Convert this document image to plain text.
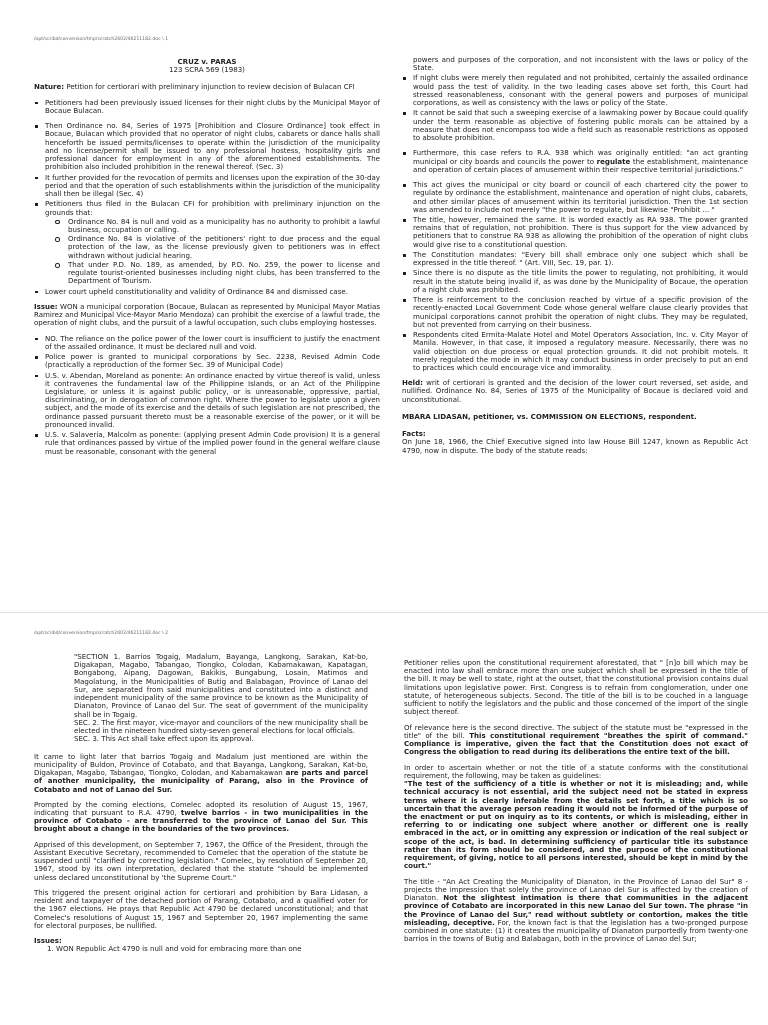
/opt/scribd/conversion/tmp/scratch2602/46211182.doc \ 1
CRUZ v. PARAS
123 SCRA 569 (1983)

Nature: Petition for certiorari with preliminary injunction to review decision of Bulacan CFI

Petitioners had been previously issued licenses for their night clubs by the Municipal Mayor of Bocaue Bulacan.
Then Ordinance no. 84, Series of 1975 [Prohibition and Closure Ordinance] took effect in Bocaue, Bulacan which provided that no operator of night clubs, cabarets or dance halls shall henceforth be issued permits/licenses to operate within the jurisdiction of the municipality and no license/permit shall be issued to any professional hostess, hospitality girls and professional dancer for employment in any of the aforementioned establishments. The prohibition also included prohibition in the renewal thereof. (Sec. 3)
It further provided for the revocation of permits and licenses upon the expiration of the 30-day period and that the operation of such establishments within the jurisdiction of the municipality shall then be illegal (Sec. 4)
Petitioners thus filed in the Bulacan CFI for prohibition with preliminary injunction on the grounds that:
Ordinance No. 84 is null and void as a municipality has no authority to prohibit a lawful business, occupation or calling.
Ordinance No. 84 is violative of the petitioners' right to due process and the equal protection of the law, as the license previously given to petitioners was in effect withdrawn without judicial hearing.
That under P.D. No. 189, as amended, by P.D. No. 259, the power to license and regulate tourist-oriented businesses including night clubs, has been transferred to the Department of Tourism.
Lower court upheld constitutionality and validity of Ordinance 84 and dismissed case.

Issue: WON a municipal corporation (Bocaue, Bulacan as represented by Municipal Mayor Matias Ramirez and Municipal Vice-Mayor Mario Mendoza) can prohibit the exercise of a lawful trade, the operation of night clubs, and the pursuit of a lawful occupation, such clubs employing hostesses.

NO. The reliance on the police power of the lower court is insufficient to justify the enactment of the assailed ordinance. It must be declared null and void.
Police power is granted to municipal corporations by Sec. 2238, Revised Admin Code (practically a reproduction of the former Sec. 39 of Municipal Code)
U.S. v. Abendan, Moreland as ponente: An ordinance enacted by virtue thereof is valid, unless it contravenes the fundamental law of the Philippine Islands, or an Act of the Philippine Legislature, or unless it is against public policy, or is unreasonable, oppressive, partial, discriminating, or in derogation of common right. Where the power to legislate upon a given subject, and the mode of its exercise and the details of such legislation are not prescribed, the ordinance passed pursuant thereto must be a reasonable exercise of the power, or it will be pronounced invalid.
U.S. v. Salaveria, Malcolm as ponente: (applying present Admin Code provision) It is a general rule that ordinances passed by virtue of the implied power found in the general welfare clause must be reasonable, consonant with the general

powers and purposes of the corporation, and not inconsistent with the laws or policy of the State.

If night clubs were merely then regulated and not prohibited, certainly the assailed ordinance would pass the test of validity. In the two leading cases above set forth, this Court had stressed reasonableness, consonant with the general powers and purposes of municipal corporations, as well as consistency with the laws or policy of the State.
It cannot be said that such a sweeping exercise of a lawmaking power by Bocaue could qualify under the term reasonable as objective of fostering public morals can be attained by a measure that does not encompass too wide a field such as reasonable restrictions as opposed to absolute prohibition.
Furthermore, this case refers to R.A. 938 which was originally entitled: "an act granting municipal or city boards and councils the power to regulate the establishment, maintenance and operation of certain places of amusement within their respective territorial jurisdictions."
This act gives the municipal or city board or council of each chartered city the power to regulate by ordinance the establishment, maintenance and operation of night clubs, cabarets, and other similar places of amusement within its territorial jurisdiction. Then the 1st section was amended to include not merely "the power to regulate, but likewise "Prohibit ... "
The title, however, remained the same. It is worded exactly as RA 938. The power granted remains that of regulation, not prohibition. There is thus support for the view advanced by petitioners that to construe RA 938 as allowing the prohibition of the operation of night clubs would give rise to a constitutional question.
The Constitution mandates: "Every bill shall embrace only one subject which shall be expressed in the title thereof. " (Art. VIII, Sec. 19, par. 1).
Since there is no dispute as the title limits the power to regulating, not prohibiting, it would result in the statute being invalid if, as was done by the Municipality of Bocaue, the operation of a night club was prohibited.
There is reinforcement to the conclusion reached by virtue of a specific provision of the recently-enacted Local Government Code whose general welfare clause clearly provides that municipal corporations cannot prohibit the operation of night clubs. They may be regulated, but not prevented from carrying on their business.
Respondents cited Ermita-Malate Hotel and Motel Operators Association, Inc. v. City Mayor of Manila. However, in that case, it imposed a regulatory measure. Necessarily, there was no valid objection on due process or equal protection grounds. It did not prohibit motels. It merely regulated the mode in which it may conduct business in order precisely to put an end to practices which could encourage vice and immorality.

Held: writ of certiorari is granted and the decision of the lower court reversed, set aside, and nullified. Ordinance No. 84, Series of 1975 of the Municipality of Bocaue is declared void and unconstitutional.

MBARA LIDASAN, petitioner, vs. COMMISSION ON ELECTIONS, respondent.

Facts:

On June 18, 1966, the Chief Executive signed into law House Bill 1247, known as Republic Act 4790, now in dispute. The body of the statute reads:

/opt/scribd/conversion/tmp/scratch2602/46211182.doc \ 2
"SECTION 1. Barrios Togaig, Madalum, Bayanga, Langkong, Sarakan, Kat-bo, Digakapan, Magabo, Tabangao, Tiongko, Colodan, Kabamakawan, Kapatagan, Bongabong, Aipang, Dagowan, Bakikis, Bungabung, Losain, Matimos and Magolatung, in the Municipalities of Butig and Balabagan, Province of Lanao del Sur, are separated from said municipalities and constituted into a distinct and independent municipality of the same province to be known as the Municipality of Dianaton, Province of Lanao del Sur. The seat of government of the municipality shall be in Togaig.
SEC. 2. The first mayor, vice-mayor and councilors of the new municipality shall be elected in the nineteen hundred sixty-seven general elections for local officials.
SEC. 3. This Act shall take effect upon its approval.

It came to light later that barrios Togaig and Madalum just mentioned are within the municipality of Buldon, Province of Cotabato, and that Bayanga, Langkong, Sarakan, Kat-bo, Digakapan, Magabo, Tabangao, Tiongko, Colodan, and Kabamakawan are parts and parcel of another municipality, the municipality of Parang, also in the Province of Cotabato and not of Lanao del Sur.

Prompted by the coming elections, Comelec adopted its resolution of August 15, 1967, indicating that pursuant to R.A. 4790, twelve barrios - in two municipalities in the province of Cotabato - are transferred to the province of Lanao del Sur. This brought about a change in the boundaries of the two provinces.

Apprised of this development, on September 7, 1967, the Office of the President, through the Assistant Executive Secretary, recommended to Comelec that the operation of the statute be suspended until "clarified by correcting legislation." Comelec, by resolution of September 20, 1967, stood by its own interpretation, declared that the statute "should be implemented unless declared unconstitutional by 'the Supreme Court."

This triggered the present original action for certiorari and prohibition by Bara Lidasan, a resident and taxpayer of the detached portion of Parang, Cotabato, and a qualified voter for the 1967 elections. He prays that Republic Act 4790 be declared unconstitutional; and that Comelec's resolutions of August 15, 1967 and September 20, 1967 implementing the same for electoral purposes, be nullified.

Issues:
1. WON Republic Act 4790 is null and void for embracing more than one

Petitioner relies upon the constitutional requirement aforestated, that " [n]o bill which may be enacted into law shall embrace more than one subject which shall be expressed in the title of the bill. It may be well to state, right at the outset, that the constitutional provision contains dual limitations upon legislative power. First. Congress is to refrain from conglomeration, under one statute, of heterogeneous subjects. Second. The title of the bill is to be couched in a language sufficient to notify the legislators and the public and those concerned of the import of the single subject thereof.

Of relevance here is the second directive. The subject of the statute must be "expressed in the title" of the bill. This constitutional requirement "breathes the spirit of command." Compliance is imperative, given the fact that the Constitution does not exact of Congress the obligation to read during its deliberations the entire text of the bill.

In order to ascertain whether or not the title of a statute conforms with the constitutional requirement, the following, may be taken as guidelines:

"The test of the sufficiency of a title is whether or not it is misleading; and, while technical accuracy is not essential, arid the subject need not be stated in express terms where it is clearly inferable from the details set forth, a title which is so uncertain that the average person reading it would not be informed of the purpose of the enactment or put on inquiry as to its contents, or which is misleading, either in referring to or indicating one subject where another or different one is really embraced in the act, or in omitting any expression or indication of the real subject or scope of the act, is bad. In determining sufficiency of particular title its substance rather than its form should be considered, and the purpose of the constitutional requirement, of giving, notice to all persons interested, should be kept in mind by the court."

The title - "An Act Creating the Municipality of Dianaton, in the Province of Lanao del Sur" 8 - projects the impression that solely the province of Lanao del Sur is affected by the creation of Dianaton. Not the slightest intimation is there that communities in the adjacent province of Cotabato are incorporated in this new Lanao del Sur town. The phrase "in the Province of Lanao del Sur," read without subtlety or contortion, makes the title misleading, deceptive. For, the known fact is that the legislation has a two-pronged purpose combined in one statute: (1) it creates the municipality of Dianaton purportedly from twenty-one barrios in the towns of Butig and Balabagan, both in the province of Lanao del Sur;
